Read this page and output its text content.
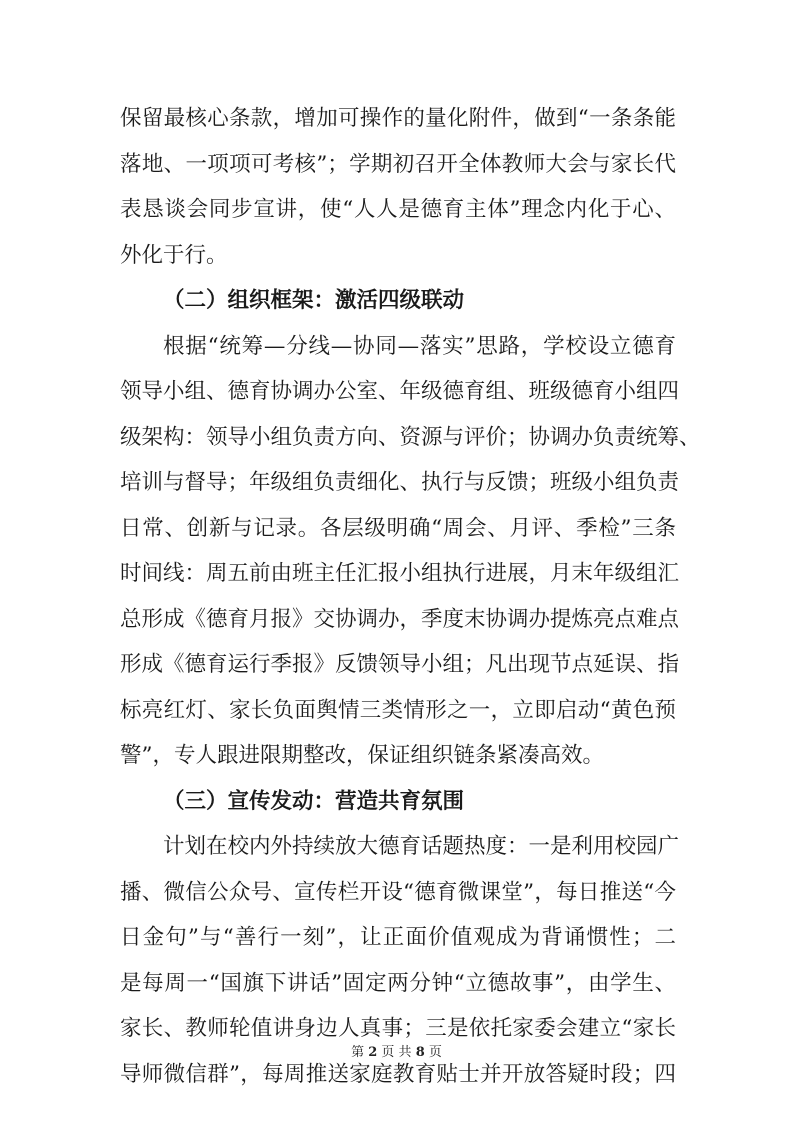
保留最核心条款，增加可操作的量化附件，做到“一条条能
落地、一项项可考核”；学期初召开全体教师大会与家长代
表恳谈会同步宣讲，使“人人是德育主体”理念内化于心、
外化于行。
（二）组织框架：激活四级联动
根据“统筹—分线—协同—落实”思路，学校设立德育
领导小组、德育协调办公室、年级德育组、班级德育小组四
级架构：领导小组负责方向、资源与评价；协调办负责统筹、
培训与督导；年级组负责细化、执行与反馈；班级小组负责
日常、创新与记录。各层级明确“周会、月评、季检”三条
时间线：周五前由班主任汇报小组执行进展，月末年级组汇
总形成《德育月报》交协调办，季度末协调办提炼亮点难点
形成《德育运行季报》反馈领导小组；凡出现节点延误、指
标亮红灯、家长负面舆情三类情形之一，立即启动“黄色预
警”，专人跟进限期整改，保证组织链条紧凑高效。
（三）宣传发动：营造共育氛围
计划在校内外持续放大德育话题热度：一是利用校园广
播、微信公众号、宣传栏开设“德育微课堂”，每日推送“今
日金句”与“善行一刻”，让正面价值观成为背诵惯性；二
是每周一“国旗下讲话”固定两分钟“立德故事”，由学生、
家长、教师轮值讲身边人真事；三是依托家委会建立“家长
导师微信群”，每周推送家庭教育贴士并开放答疑时段；四
第 2 页 共 8 页
